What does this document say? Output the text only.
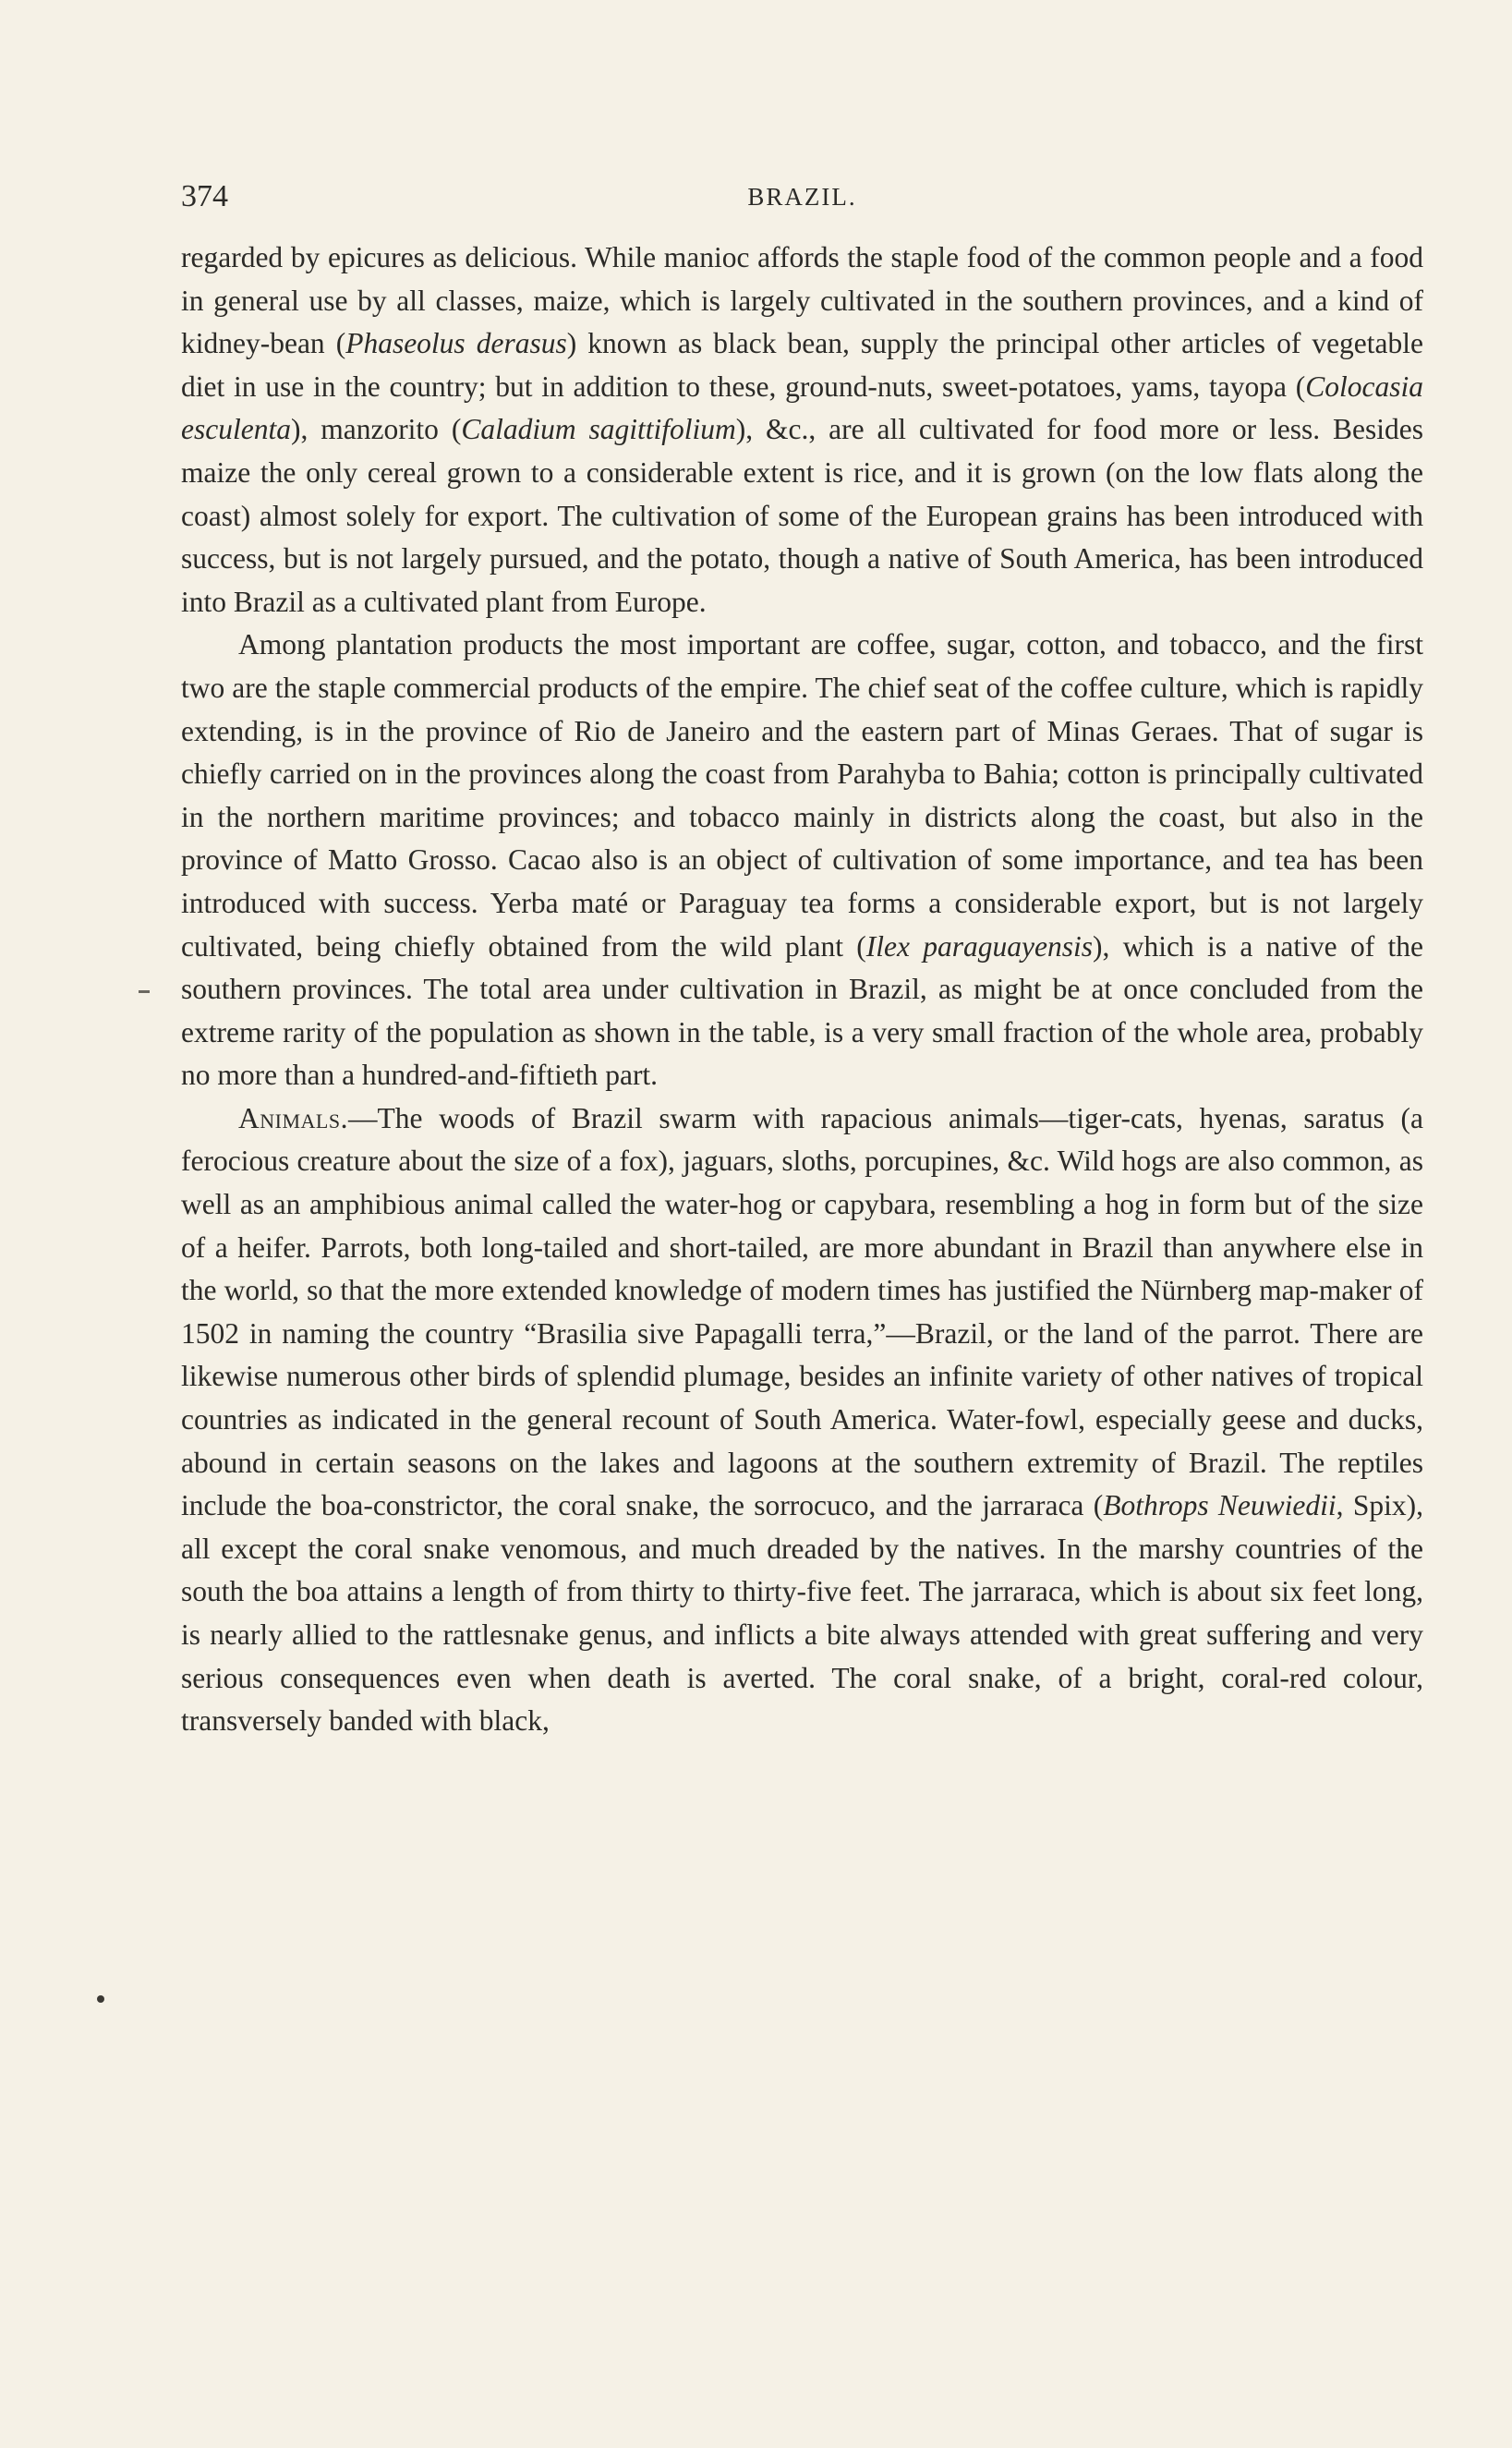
374	BRAZIL.

regarded by epicures as delicious. While manioc affords the staple food of the common people and a food in general use by all classes, maize, which is largely cultivated in the southern provinces, and a kind of kidney-bean (Phaseolus derasus) known as black bean, supply the principal other articles of vegetable diet in use in the country; but in addition to these, ground-nuts, sweet-potatoes, yams, tayopa (Colocasia esculenta), manzorito (Caladium sagittifolium), &c., are all cultivated for food more or less. Besides maize the only cereal grown to a considerable extent is rice, and it is grown (on the low flats along the coast) almost solely for export. The cultivation of some of the European grains has been introduced with success, but is not largely pursued, and the potato, though a native of South America, has been introduced into Brazil as a cultivated plant from Europe.

Among plantation products the most important are coffee, sugar, cotton, and tobacco, and the first two are the staple commercial products of the empire. The chief seat of the coffee culture, which is rapidly extending, is in the province of Rio de Janeiro and the eastern part of Minas Geraes. That of sugar is chiefly carried on in the provinces along the coast from Parahyba to Bahia; cotton is principally cultivated in the northern maritime provinces; and tobacco mainly in districts along the coast, but also in the province of Matto Grosso. Cacao also is an object of cultivation of some importance, and tea has been introduced with success. Yerba maté or Paraguay tea forms a considerable export, but is not largely cultivated, being chiefly obtained from the wild plant (Ilex paraguayensis), which is a native of the southern provinces. The total area under cultivation in Brazil, as might be at once concluded from the extreme rarity of the population as shown in the table, is a very small fraction of the whole area, probably no more than a hundred-and-fiftieth part.

Animals.—The woods of Brazil swarm with rapacious animals—tiger-cats, hyenas, saratus (a ferocious creature about the size of a fox), jaguars, sloths, porcupines, &c. Wild hogs are also common, as well as an amphibious animal called the water-hog or capybara, resembling a hog in form but of the size of a heifer. Parrots, both long-tailed and short-tailed, are more abundant in Brazil than anywhere else in the world, so that the more extended knowledge of modern times has justified the Nürnberg map-maker of 1502 in naming the country “Brasilia sive Papagalli terra,”—Brazil, or the land of the parrot. There are likewise numerous other birds of splendid plumage, besides an infinite variety of other natives of tropical countries as indicated in the general recount of South America. Water-fowl, especially geese and ducks, abound in certain seasons on the lakes and lagoons at the southern extremity of Brazil. The reptiles include the boa-constrictor, the coral snake, the sorrocuco, and the jarraraca (Bothrops Neuwiedii, Spix), all except the coral snake venomous, and much dreaded by the natives. In the marshy countries of the south the boa attains a length of from thirty to thirty-five feet. The jarraraca, which is about six feet long, is nearly allied to the rattlesnake genus, and inflicts a bite always attended with great suffering and very serious consequences even when death is averted. The coral snake, of a bright, coral-red colour, transversely banded with black,
